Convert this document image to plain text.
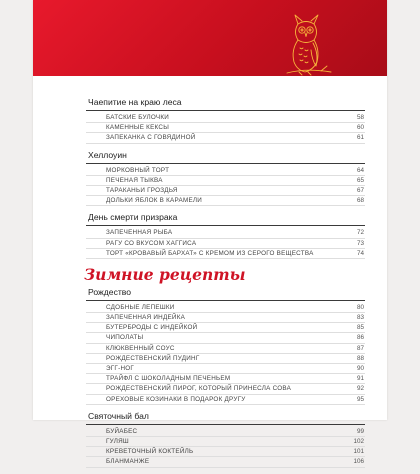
Чаепитие на краю леса
БАТСКИЕ БУЛОЧКИ	58
КАМЕННЫЕ КЕКСЫ	60
ЗАПЕКАНКА С ГОВЯДИНОЙ	61
Хеллоуин
МОРКОВНЫЙ ТОРТ	64
ПЕЧЕНАЯ ТЫКВА	65
ТАРАКАНЬИ ГРОЗДЬЯ	67
ДОЛЬКИ ЯБЛОК В КАРАМЕЛИ	68
День смерти призрака
ЗАПЕЧЕННАЯ РЫБА	72
РАГУ СО ВКУСОМ ХАГГИСА	73
ТОРТ «КРОВАВЫЙ БАРХАТ» С КРЕМОМ ИЗ СЕРОГО ВЕЩЕСТВА	74
Зимние рецепты
Рождество
СДОБНЫЕ ЛЕПЕШКИ	80
ЗАПЕЧЕННАЯ ИНДЕЙКА	83
БУТЕРБРОДЫ С ИНДЕЙКОЙ	85
ЧИПОЛАТЫ	86
КЛЮКВЕННЫЙ СОУС	87
РОЖДЕСТВЕНСКИЙ ПУДИНГ	88
ЭГГ-НОГ	90
ТРАЙФЛ С ШОКОЛАДНЫМ ПЕЧЕНЬЕМ	91
РОЖДЕСТВЕНСКИЙ ПИРОГ, КОТОРЫЙ ПРИНЕСЛА СОВА	92
ОРЕХОВЫЕ КОЗИНАКИ В ПОДАРОК ДРУГУ	95
Святочный бал
БУЙАБЕС	99
ГУЛЯШ	102
КРЕВЕТОЧНЫЙ КОКТЕЙЛЬ	101
БЛАНМАНЖЕ	106
